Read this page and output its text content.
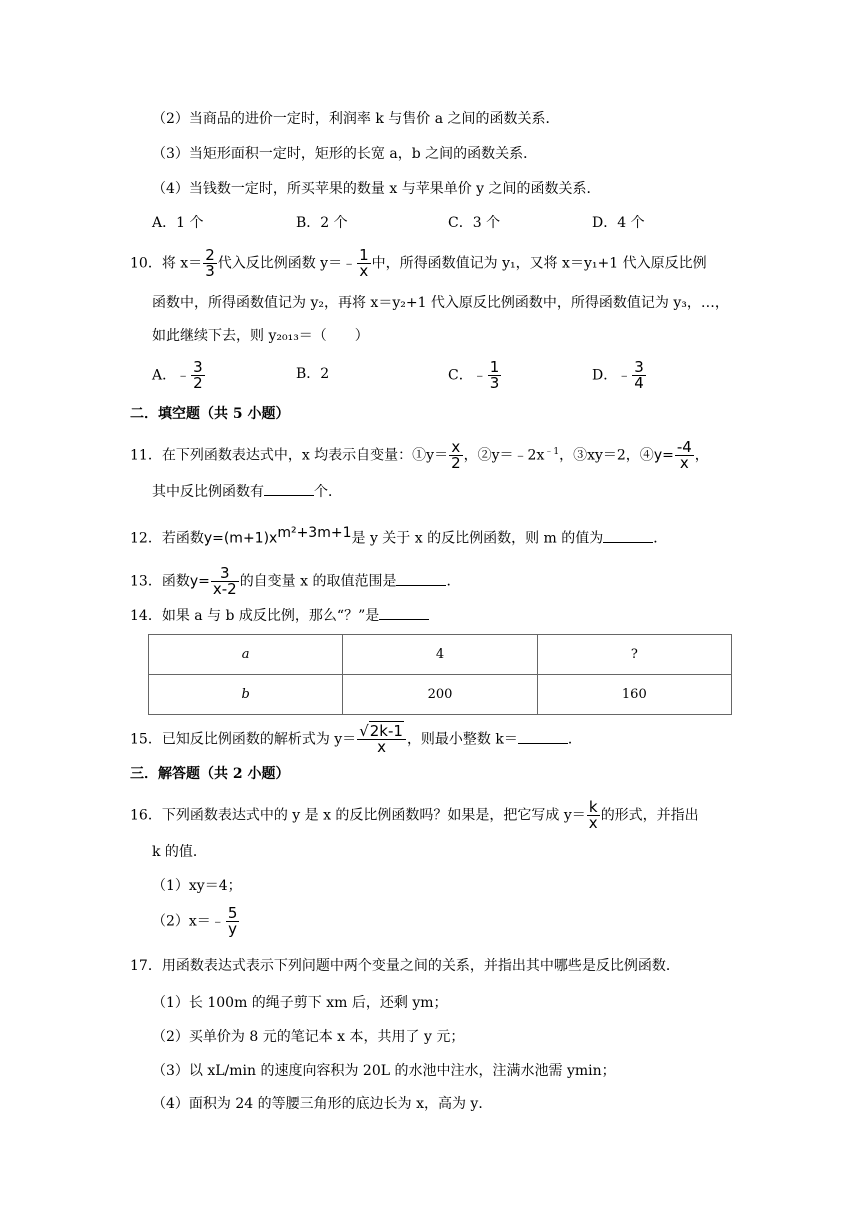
（2）当商品的进价一定时，利润率 k 与售价 a 之间的函数关系．
（3）当矩形面积一定时，矩形的长宽 a，b 之间的函数关系．
（4）当钱数一定时，所买苹果的数量 x 与苹果单价 y 之间的函数关系．
A．1 个	B．2 个	C．3 个	D．4 个
10．将 $x= \frac{2}{3}$ 代入反比例函数 y＝﹣ $\frac{1}{x}$ 中，所得函数值记为 y₁，又将 x＝y₁+1 代入原反比例
函数中，所得函数值记为 y₂，再将 x＝y₂+1 代入原反比例函数中，所得函数值记为 y₃，…，
如此继续下去，则 y₂₀₁₃＝（　　）
A．﹣ $\frac{3}{2}$	B．2	C．﹣ $\frac{1}{3}$	D．﹣ $\frac{3}{4}$
二．填空题（共 5 小题）
11．在下列函数表达式中，x 均表示自变量：①y＝ $\frac{x}{2}$ ，$②y=﹣2x^{﹣1}$，③xy＝2，④y= $\frac{-4}{x}$ ，
其中反比例函数有	个．
12．若函数$y=(m+1)x^{m^2+3m+1}$是 y 关于 x 的反比例函数，则 m 的值为	．
13．函数$y= \frac{3}{x-2}$ 的自变量 x 的取值范围是	．
14．如果 a 与 b 成反比例，那么“？”是
a	4	?
b	200	160
15．已知反比例函数的解析式为 $y= \frac{√2k-1}{x}$ ，则最小整数 k＝	．
三．解答题（共 2 小题）
16．下列函数表达式中的 y 是 x 的反比例函数吗？如果是，把它写成 $y= \frac{k}{x}$ 的形式，并指出
k 的值．
（1）xy＝4；
（2）x＝﹣ $\frac{5}{y}$
17．用函数表达式表示下列问题中两个变量之间的关系，并指出其中哪些是反比例函数．
（1）长 100m 的绳子剪下 xm 后，还剩 ym；
（2）买单价为 8 元的笔记本 x 本，共用了 y 元；
（3）以 xL/min 的速度向容积为 20L 的水池中注水，注满水池需 ymin；
（4）面积为 24 的等腰三角形的底边长为 x，高为 y．
